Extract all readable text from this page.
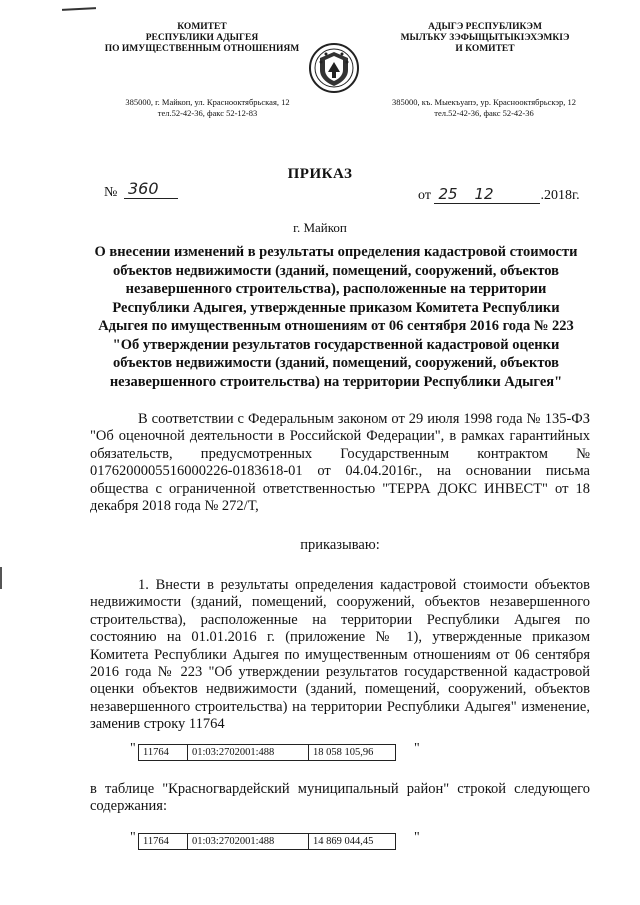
КОМИТЕТ
РЕСПУБЛИКИ АДЫГЕЯ
ПО ИМУЩЕСТВЕННЫМ ОТНОШЕНИЯМ
АДЫГЭ РЕСПУБЛИКЭМ
МЫЛЪКУ ЗЭФЫЩЫТЫКІЭХЭМКІЭ
И КОМИТЕТ
385000, г. Майкоп, ул. Краснооктябрьская, 12
тел.52-42-36, факс 52-12-83
385000, къ. Мыекъуапэ, ур. Краснооктябрьскэр, 12
тел.52-42-36, факс 52-42-36
ПРИКАЗ
№ 360	от 25 12	.2018г.
г. Майкоп
О внесении изменений в результаты определения кадастровой стоимости объектов недвижимости (зданий, помещений, сооружений, объектов незавершенного строительства), расположенные на территории Республики Адыгея, утвержденные приказом Комитета Республики Адыгея по имущественным отношениям от 06 сентября 2016 года № 223 "Об утверждении результатов государственной кадастровой оценки объектов недвижимости (зданий, помещений, сооружений, объектов незавершенного строительства) на территории Республики Адыгея"
В соответствии с Федеральным законом от 29 июля 1998 года № 135-ФЗ "Об оценочной деятельности в Российской Федерации", в рамках гарантийных обязательств, предусмотренных Государственным контрактом № 0176200005516000226-0183618-01 от 04.04.2016г., на основании письма общества с ограниченной ответственностью "ТЕРРА ДОКС ИНВЕСТ" от 18 декабря 2018 года № 272/Т,
приказываю:
1. Внести в результаты определения кадастровой стоимости объектов недвижимости (зданий, помещений, сооружений, объектов незавершенного строительства), расположенные на территории Республики Адыгея по состоянию на 01.01.2016 г. (приложение № 1), утвержденные приказом Комитета Республики Адыгея по имущественным отношениям от 06 сентября 2016 года № 223 "Об утверждении результатов государственной кадастровой оценки объектов недвижимости (зданий, помещений, сооружений, объектов незавершенного строительства) на территории Республики Адыгея" изменение, заменив строку 11764
" 11764	01:03:2702001:488	18 058 105,96	"
в таблице "Красногвардейский муниципальный район" строкой следующего содержания:
" 11764	01:03:2702001:488	14 869 044,45	"
